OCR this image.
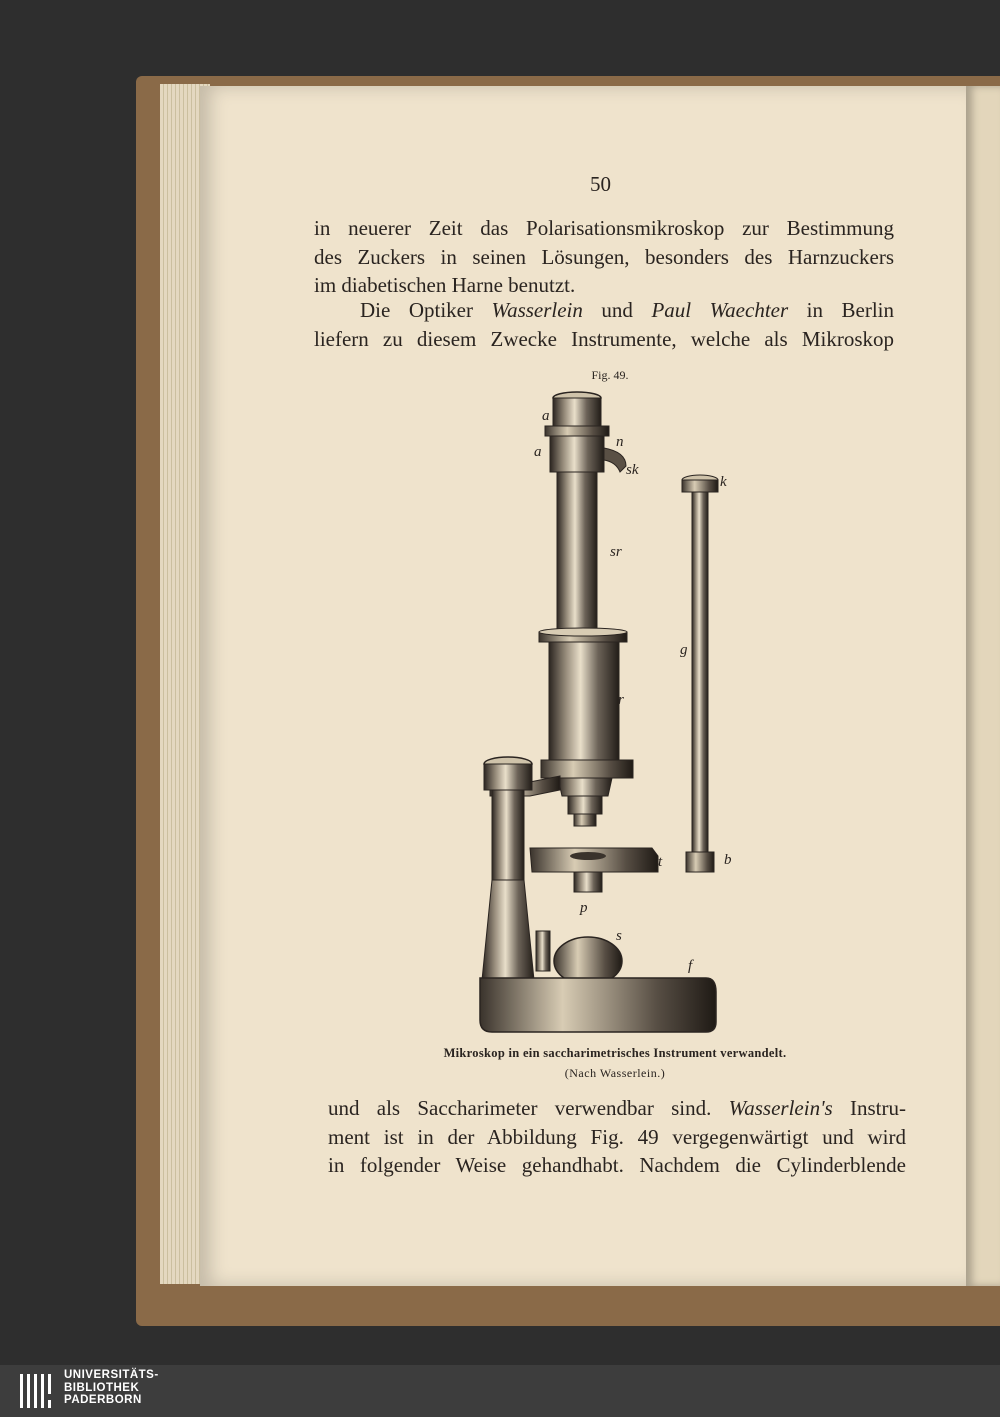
50
in neuerer Zeit das Polarisationsmikroskop zur Bestimmung
des Zuckers in seinen Lösungen, besonders des Harnzuckers
im diabetischen Harne benutzt.
Die Optiker Wasserlein und Paul Waechter in Berlin
liefern zu diesem Zwecke Instrumente, welche als Mikroskop
Fig. 49.
a
n
a
sk
k
sr
g
r
t	b
p
s
f
Mikroskop in ein saccharimetrisches Instrument verwandelt.
(Nach Wasserlein.)
und als Saccharimeter verwendbar sind. Wasserlein's Instru-
ment ist in der Abbildung Fig. 49 vergegenwärtigt und wird
in folgender Weise gehandhabt. Nachdem die Cylinderblende
UNIVERSITÄTS-
BIBLIOTHEK
PADERBORN
